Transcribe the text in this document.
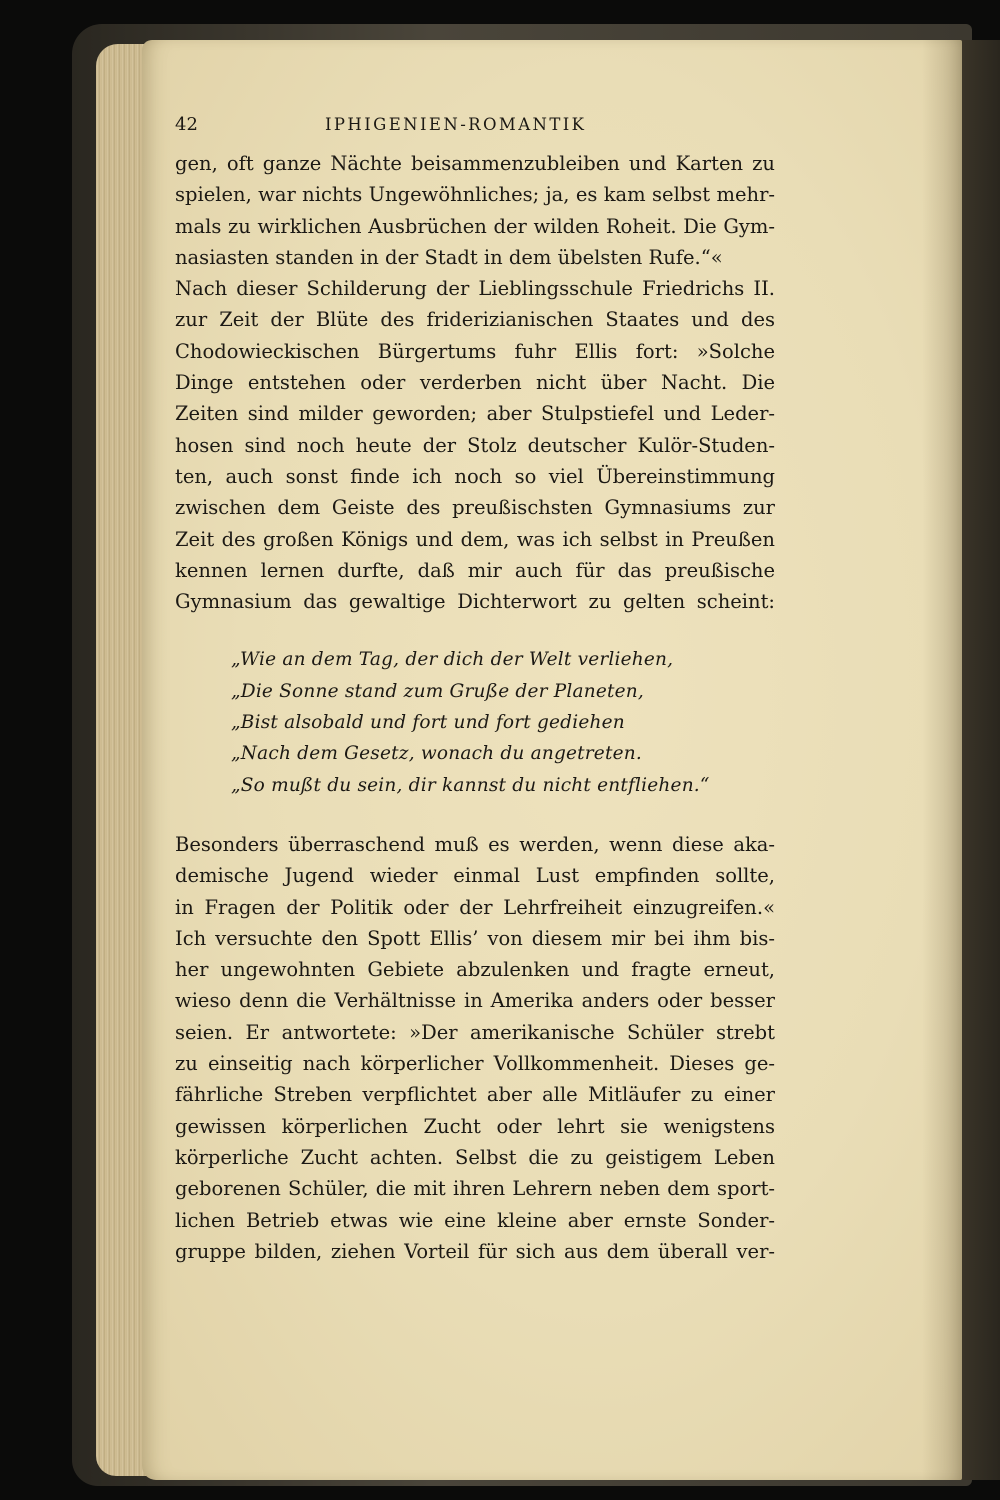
42	IPHIGENIEN-ROMANTIK
gen, oft ganze Nächte beisammenzubleiben und Karten zu
spielen, war nichts Ungewöhnliches; ja, es kam selbst mehr-
mals zu wirklichen Ausbrüchen der wilden Roheit. Die Gym-
nasiasten standen in der Stadt in dem übelsten Rufe.“«
Nach dieser Schilderung der Lieblingsschule Friedrichs II.
zur Zeit der Blüte des friderizianischen Staates und des
Chodowieckischen Bürgertums fuhr Ellis fort: »Solche
Dinge entstehen oder verderben nicht über Nacht. Die
Zeiten sind milder geworden; aber Stulpstiefel und Leder-
hosen sind noch heute der Stolz deutscher Kulör-Studen-
ten, auch sonst finde ich noch so viel Übereinstimmung
zwischen dem Geiste des preußischsten Gymnasiums zur
Zeit des großen Königs und dem, was ich selbst in Preußen
kennen lernen durfte, daß mir auch für das preußische
Gymnasium das gewaltige Dichterwort zu gelten scheint:
„Wie an dem Tag, der dich der Welt verliehen,
„Die Sonne stand zum Gruße der Planeten,
„Bist alsobald und fort und fort gediehen
„Nach dem Gesetz, wonach du angetreten.
„So mußt du sein, dir kannst du nicht entfliehen.“
Besonders überraschend muß es werden, wenn diese aka-
demische Jugend wieder einmal Lust empfinden sollte,
in Fragen der Politik oder der Lehrfreiheit einzugreifen.«
Ich versuchte den Spott Ellis’ von diesem mir bei ihm bis-
her ungewohnten Gebiete abzulenken und fragte erneut,
wieso denn die Verhältnisse in Amerika anders oder besser
seien. Er antwortete: »Der amerikanische Schüler strebt
zu einseitig nach körperlicher Vollkommenheit. Dieses ge-
fährliche Streben verpflichtet aber alle Mitläufer zu einer
gewissen körperlichen Zucht oder lehrt sie wenigstens
körperliche Zucht achten. Selbst die zu geistigem Leben
geborenen Schüler, die mit ihren Lehrern neben dem sport-
lichen Betrieb etwas wie eine kleine aber ernste Sonder-
gruppe bilden, ziehen Vorteil für sich aus dem überall ver-
